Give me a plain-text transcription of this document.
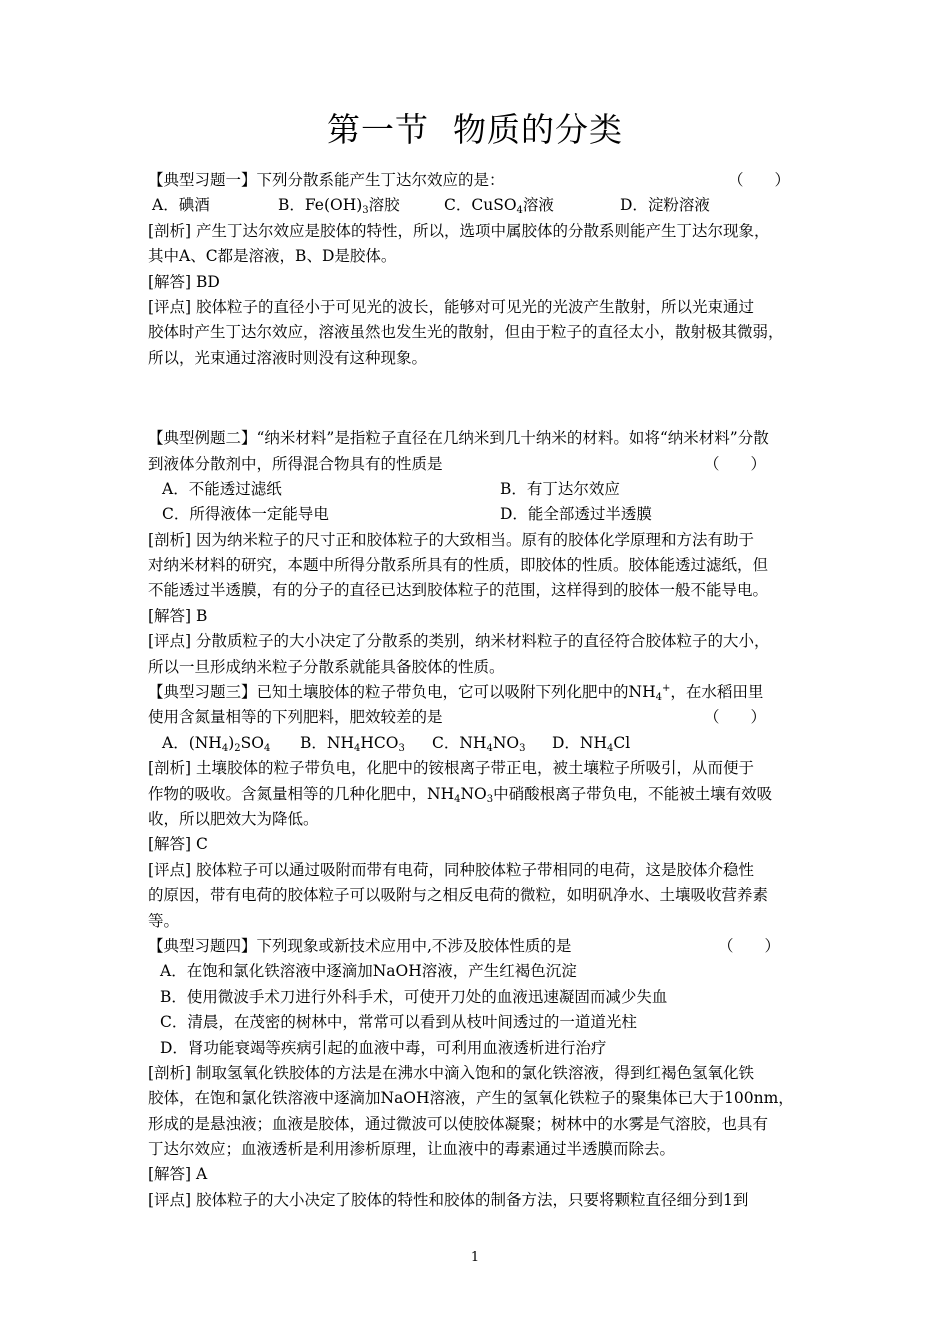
第一节 物质的分类
【典型习题一】下列分散系能产生丁达尔效应的是：	（　　）
A．碘酒	B．$Fe(OH)_3$溶胶	C．CuSO$_4$溶液	D．淀粉溶液
[剖析] 产生丁达尔效应是胶体的特性，所以，选项中属胶体的分散系则能产生丁达尔现象，
其中A、C都是溶液，B、D是胶体。
[解答] BD
[评点] 胶体粒子的直径小于可见光的波长，能够对可见光的光波产生散射，所以光束通过
胶体时产生丁达尔效应，溶液虽然也发生光的散射，但由于粒子的直径太小，散射极其微弱，
所以，光束通过溶液时则没有这种现象。
【典型例题二】“纳米材料”是指粒子直径在几纳米到几十纳米的材料。如将“纳米材料”分散
到液体分散剂中，所得混合物具有的性质是	（　　）
A．不能透过滤纸	B．有丁达尔效应
C．所得液体一定能导电	D．能全部透过半透膜
[剖析] 因为纳米粒子的尺寸正和胶体粒子的大致相当。原有的胶体化学原理和方法有助于
对纳米材料的研究，本题中所得分散系所具有的性质，即胶体的性质。胶体能透过滤纸，但
不能透过半透膜，有的分子的直径已达到胶体粒子的范围，这样得到的胶体一般不能导电。
[解答] B
[评点] 分散质粒子的大小决定了分散系的类别，纳米材料粒子的直径符合胶体粒子的大小，
所以一旦形成纳米粒子分散系就能具备胶体的性质。
【典型习题三】已知土壤胶体的粒子带负电，它可以吸附下列化肥中的$NH_4^+$，在水稻田里
使用含氮量相等的下列肥料，肥效较差的是	（　　）
A．$(NH_4)_2SO_4$ B．$NH_4HCO_3$ C．$NH_4NO_3$ D．$NH_4Cl$
[剖析] 土壤胶体的粒子带负电，化肥中的铵根离子带正电，被土壤粒子所吸引，从而便于
作物的吸收。含氮量相等的几种化肥中，$NH_4NO_3$中硝酸根离子带负电，不能被土壤有效吸
收，所以肥效大为降低。
[解答] C
[评点] 胶体粒子可以通过吸附而带有电荷，同种胶体粒子带相同的电荷，这是胶体介稳性
的原因，带有电荷的胶体粒子可以吸附与之相反电荷的微粒，如明矾净水、土壤吸收营养素
等。
【典型习题四】下列现象或新技术应用中,不涉及胶体性质的是	（　　）
A．在饱和氯化铁溶液中逐滴加NaOH溶液，产生红褐色沉淀
B．使用微波手术刀进行外科手术，可使开刀处的血液迅速凝固而减少失血
C．清晨，在茂密的树林中，常常可以看到从枝叶间透过的一道道光柱
D．肾功能衰竭等疾病引起的血液中毒，可利用血液透析进行治疗
[剖析] 制取氢氧化铁胶体的方法是在沸水中滴入饱和的氯化铁溶液，得到红褐色氢氧化铁
胶体，在饱和氯化铁溶液中逐滴加NaOH溶液，产生的氢氧化铁粒子的聚集体已大于100nm，
形成的是悬浊液；血液是胶体，通过微波可以使胶体凝聚；树林中的水雾是气溶胶，也具有
丁达尔效应；血液透析是利用渗析原理，让血液中的毒素通过半透膜而除去。
[解答] A
[评点] 胶体粒子的大小决定了胶体的特性和胶体的制备方法，只要将颗粒直径细分到1到
1
